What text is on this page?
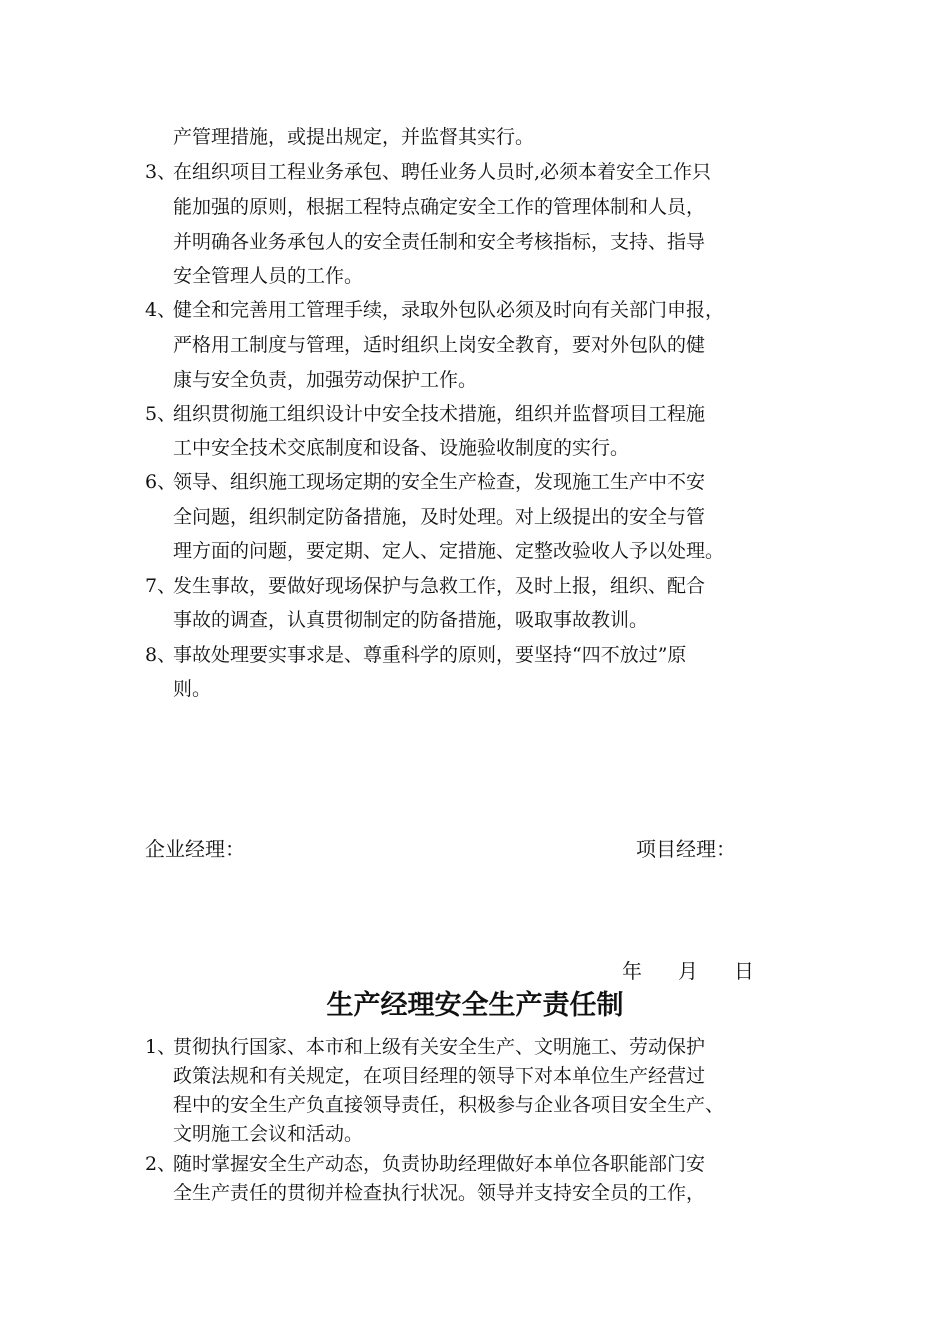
产管理措施，或提出规定，并监督其实行。
3、
在组织项目工程业务承包、聘任业务人员时,必须本着安全工作只
能加强的原则，根据工程特点确定安全工作的管理体制和人员，
并明确各业务承包人的安全责任制和安全考核指标，支持、指导
安全管理人员的工作。
4、
健全和完善用工管理手续，录取外包队必须及时向有关部门申报，
严格用工制度与管理，适时组织上岗安全教育，要对外包队的健
康与安全负责，加强劳动保护工作。
5、
组织贯彻施工组织设计中安全技术措施，组织并监督项目工程施
工中安全技术交底制度和设备、设施验收制度的实行。
6、
领导、组织施工现场定期的安全生产检查，发现施工生产中不安
全问题，组织制定防备措施，及时处理。对上级提出的安全与管
理方面的问题，要定期、定人、定措施、定整改验收人予以处理。
7、
发生事故，要做好现场保护与急救工作，及时上报，组织、配合
事故的调查，认真贯彻制定的防备措施，吸取事故教训。
8、
事故处理要实事求是、尊重科学的原则，要坚持“四不放过”原
则。
企业经理：	项目经理：
年 月 日
生产经理安全生产责任制
1、
贯彻执行国家、本市和上级有关安全生产、文明施工、劳动保护
政策法规和有关规定，在项目经理的领导下对本单位生产经营过
程中的安全生产负直接领导责任，积极参与企业各项目安全生产、
文明施工会议和活动。
2、
随时掌握安全生产动态，负责协助经理做好本单位各职能部门安
全生产责任的贯彻并检查执行状况。领导并支持安全员的工作，
